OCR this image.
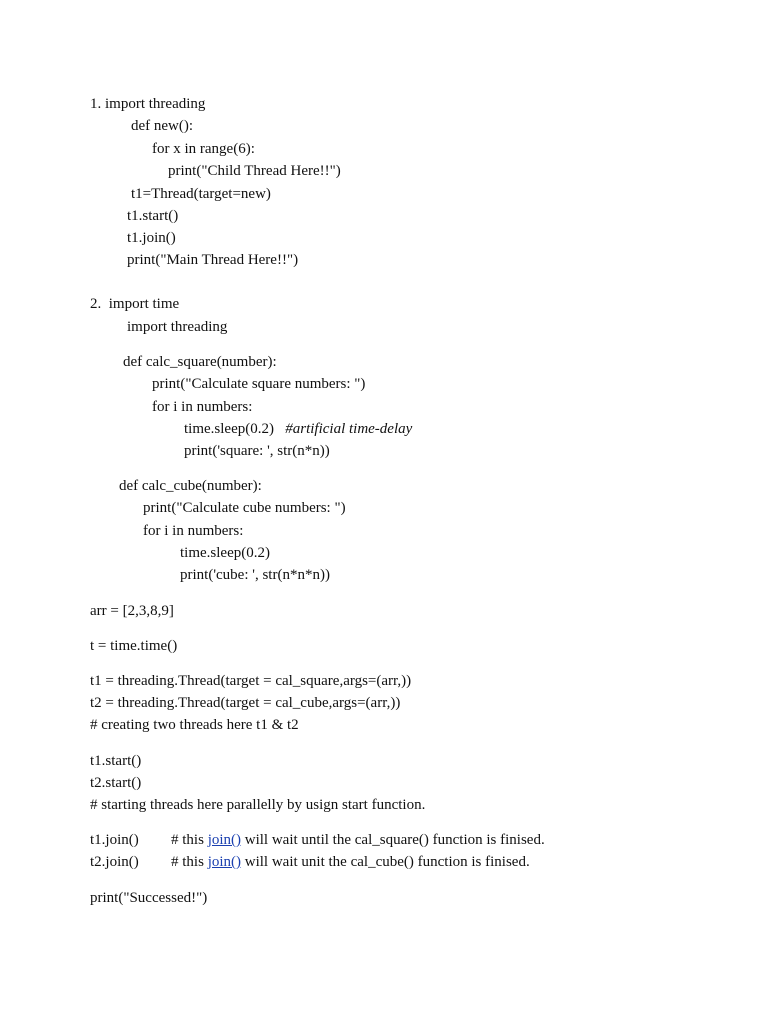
1. import threading

def new():

for x in range(6):

print("Child Thread Here!!")

t1=Thread(target=new)

t1.start()

t1.join()

print("Main Thread Here!!")

2. import time

import threading

def calc_square(number):

print("Calculate square numbers: ")

for i in numbers:

time.sleep(0.2) #artificial time-delay

print('square: ', str(n*n))

def calc_cube(number):

print("Calculate cube numbers: ")

for i in numbers:

time.sleep(0.2)

print('cube: ', str(n*n*n))

arr = [2,3,8,9]

t = time.time()

t1 = threading.Thread(target = cal_square,args=(arr,))

t2 = threading.Thread(target = cal_cube,args=(arr,))

# creating two threads here t1 & t2

t1.start()

t2.start()

# starting threads here parallelly by usign start function.

t1.join() # this join() will wait until the cal_square() function is finised.

t2.join() # this join() will wait unit the cal_cube() function is finised.

print("Successed!")
